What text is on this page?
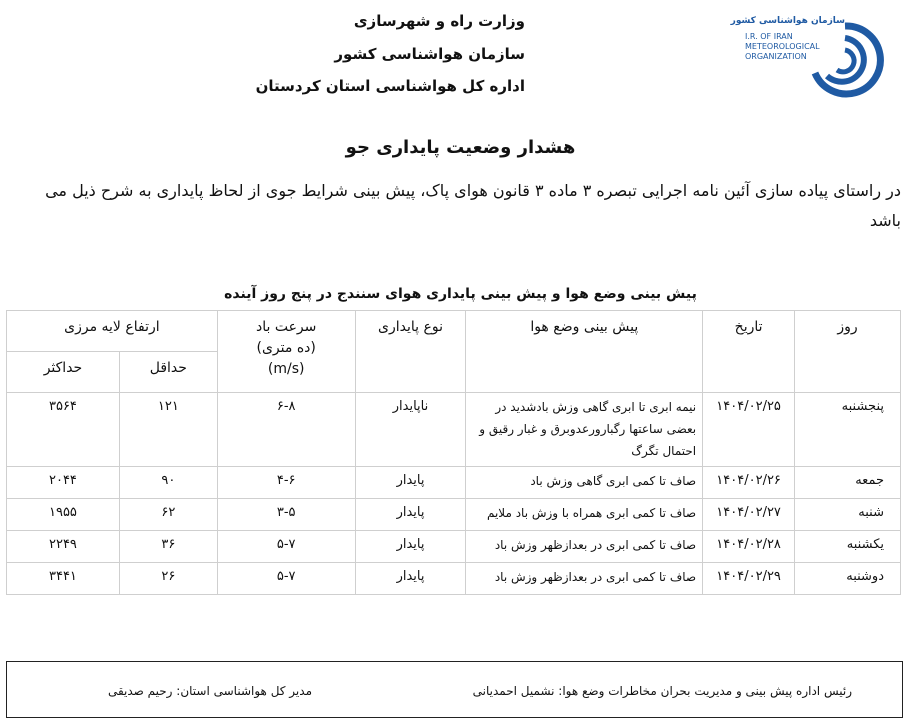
سازمان هواشناسی کشور
I.R. OF IRAN
METEOROLOGICAL
ORGANIZATION
وزارت راه و شهرسازی
سازمان هواشناسی کشور
اداره کل هواشناسی استان کردستان
هشدار وضعیت پایداری جو
در راستای پیاده سازی آئین نامه اجرایی تبصره ۳ ماده ۳ قانون هوای پاک، پیش بینی شرایط جوی از لحاظ پایداری به شرح ذیل می باشد
پیش بینی وضع هوا و پیش بینی پایداری هوای سنندج در پنج روز آینده
روز	تاریخ	پیش بینی وضع هوا	نوع پایداری	سرعت باد
(ده متری)
(m/s)	ارتفاع لایه مرزی	
					حداقل	حداکثر
پنجشنبه	۱۴۰۴/۰۲/۲۵	نیمه ابری تا ابری گاهی وزش بادشدید در بعضی ساعتها رگبارورعدوبرق و غبار رقیق و احتمال تگرگ	ناپایدار	۶-۸	۱۲۱	۳۵۶۴
جمعه	۱۴۰۴/۰۲/۲۶	صاف تا کمی ابری گاهی وزش باد	پایدار	۴-۶	۹۰	۲۰۴۴
شنبه	۱۴۰۴/۰۲/۲۷	صاف تا کمی ابری همراه با وزش باد ملایم	پایدار	۳-۵	۶۲	۱۹۵۵
یکشنبه	۱۴۰۴/۰۲/۲۸	صاف تا کمی ابری در بعدازظهر وزش باد	پایدار	۵-۷	۳۶	۲۲۴۹
دوشنبه	۱۴۰۴/۰۲/۲۹	صاف تا کمی ابری در بعدازظهر وزش باد	پایدار	۵-۷	۲۶	۳۴۴۱
رئیس اداره پیش بینی و مدیریت بحران مخاطرات وضع هوا: نشمیل احمدیانی
مدیر کل هواشناسی استان: رحیم صدیقی
